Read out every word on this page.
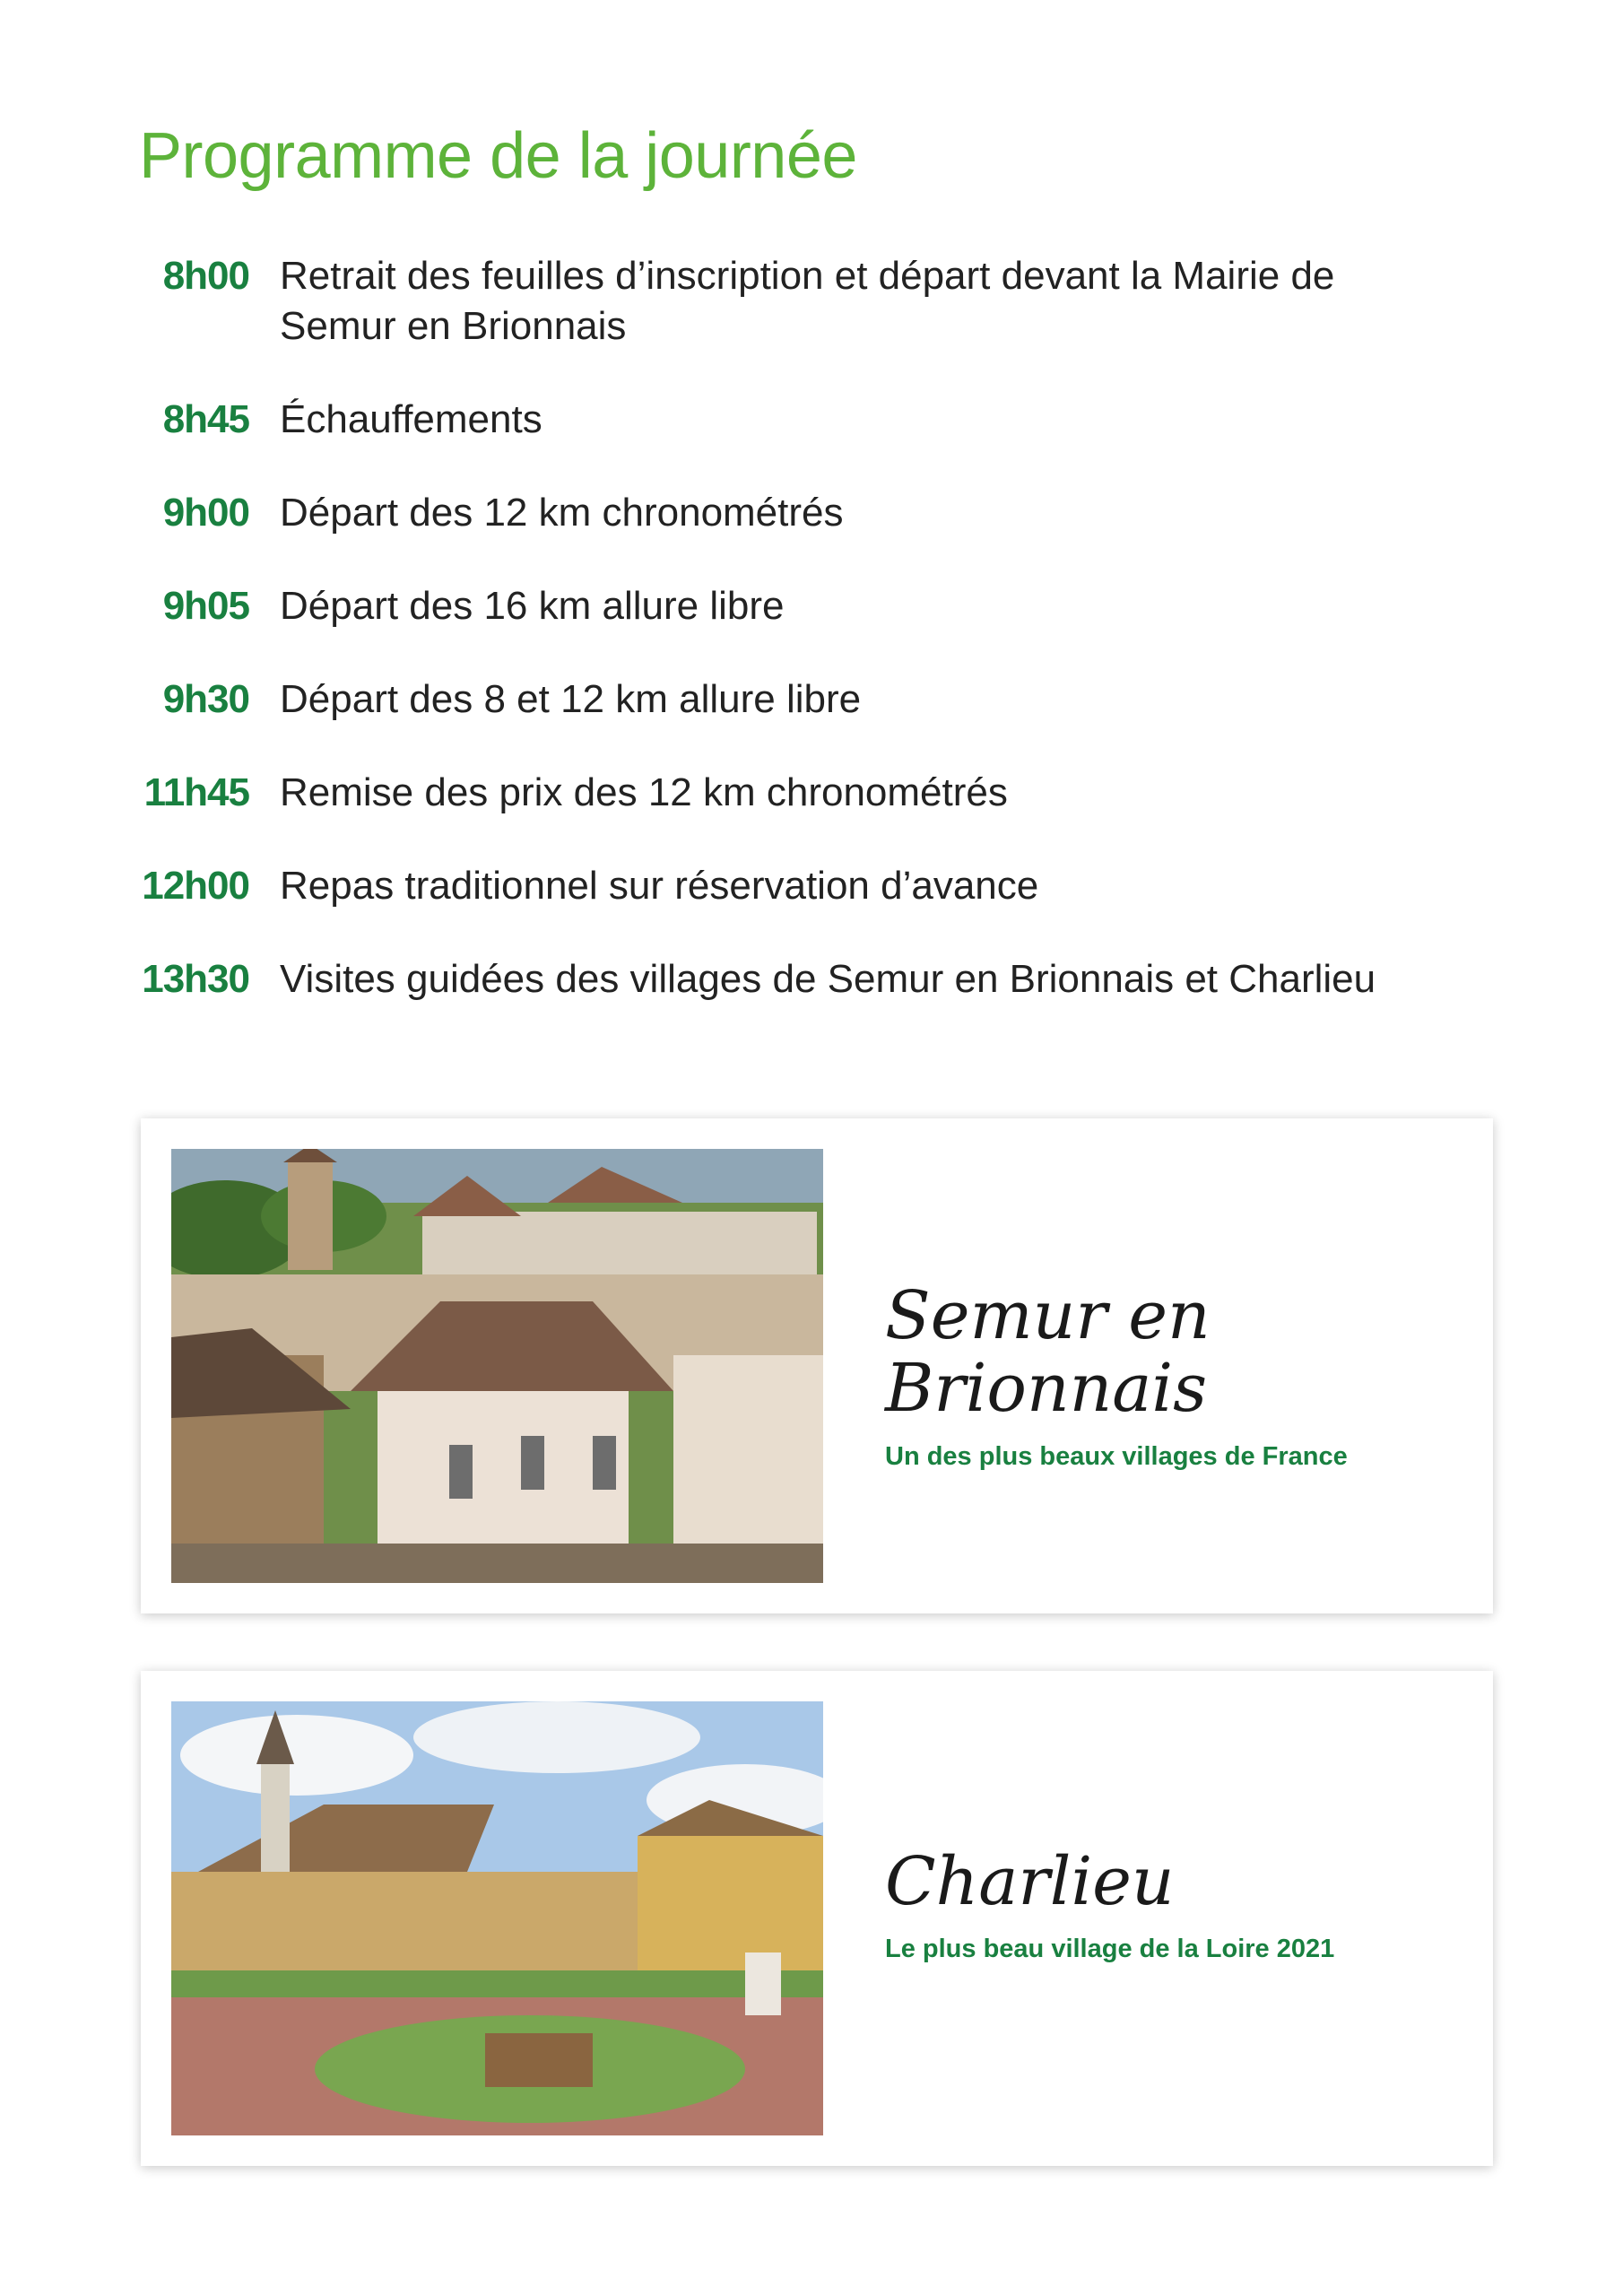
Programme de la journée
8h00 Retrait des feuilles d’inscription et départ devant la Mairie de Semur en Brionnais
8h45 Échauffements
9h00 Départ des 12 km chronométrés
9h05 Départ des 16 km allure libre
9h30 Départ des 8 et 12 km allure libre
11h45 Remise des prix des 12 km chronométrés
12h00 Repas traditionnel sur réservation d’avance
13h30 Visites guidées des villages de Semur en Brionnais et Charlieu
Semur en Brionnais
Un des plus beaux villages de France
Charlieu
Le plus beau village de la Loire 2021
